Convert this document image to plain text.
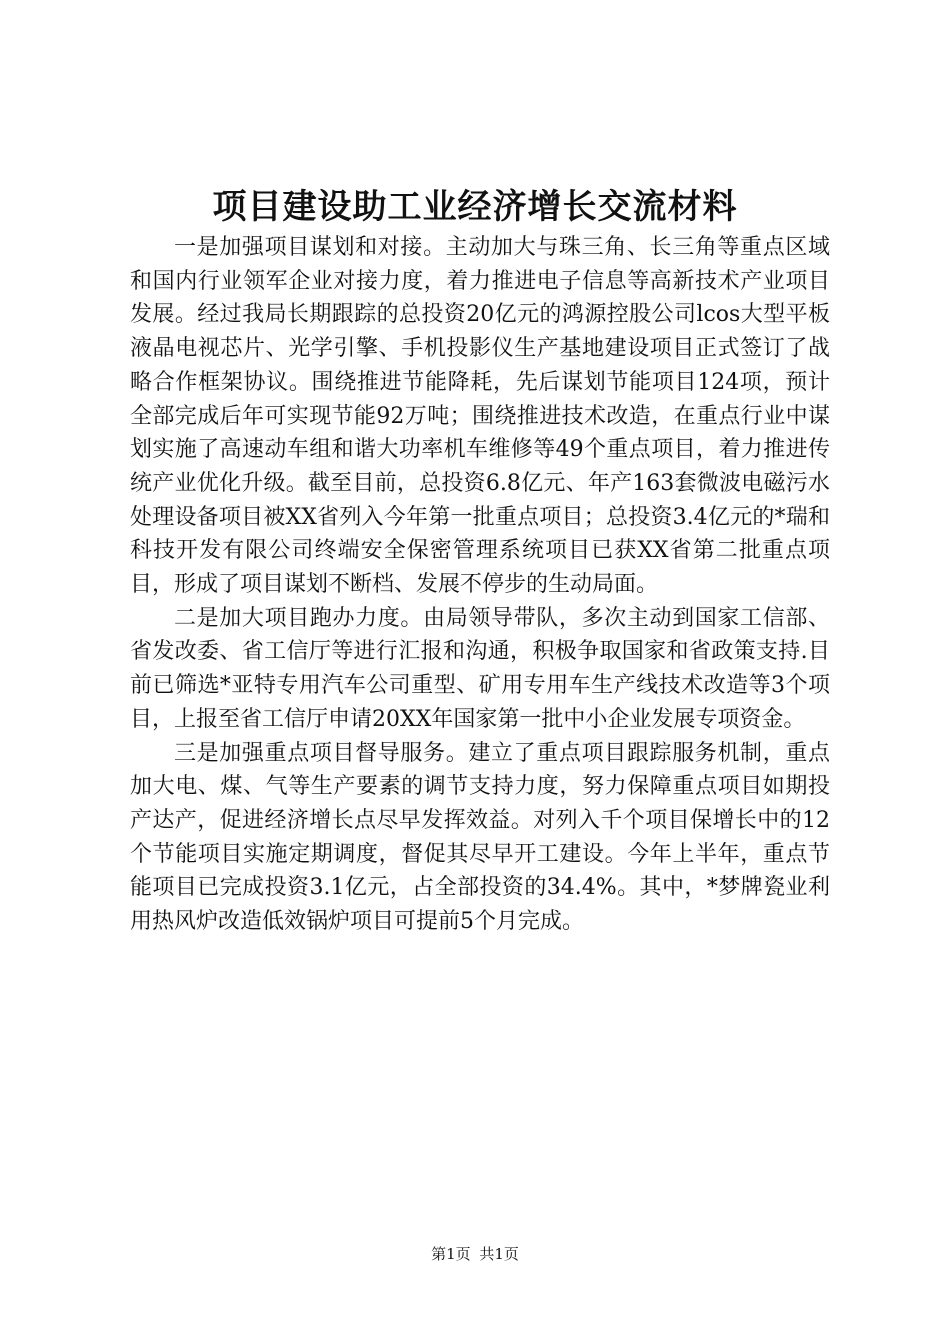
项目建设助工业经济增长交流材料

一是加强项目谋划和对接。主动加大与珠三角、长三角等重点区域和国内行业领军企业对接力度，着力推进电子信息等高新技术产业项目发展。经过我局长期跟踪的总投资20亿元的鸿源控股公司lcos大型平板液晶电视芯片、光学引擎、手机投影仪生产基地建设项目正式签订了战略合作框架协议。围绕推进节能降耗，先后谋划节能项目124项，预计全部完成后年可实现节能92万吨；围绕推进技术改造，在重点行业中谋划实施了高速动车组和谐大功率机车维修等49个重点项目，着力推进传统产业优化升级。截至目前，总投资6.8亿元、年产163套微波电磁污水处理设备项目被XX省列入今年第一批重点项目；总投资3.4亿元的*瑞和科技开发有限公司终端安全保密管理系统项目已获XX省第二批重点项目，形成了项目谋划不断档、发展不停步的生动局面。

二是加大项目跑办力度。由局领导带队，多次主动到国家工信部、省发改委、省工信厅等进行汇报和沟通，积极争取国家和省政策支持.目前已筛选*亚特专用汽车公司重型、矿用专用车生产线技术改造等3个项目，上报至省工信厅申请20XX年国家第一批中小企业发展专项资金。

三是加强重点项目督导服务。建立了重点项目跟踪服务机制，重点加大电、煤、气等生产要素的调节支持力度，努力保障重点项目如期投产达产，促进经济增长点尽早发挥效益。对列入千个项目保增长中的12个节能项目实施定期调度，督促其尽早开工建设。今年上半年，重点节能项目已完成投资3.1亿元，占全部投资的34.4%。其中，*梦牌瓷业利用热风炉改造低效锅炉项目可提前5个月完成。

第1页 共1页
